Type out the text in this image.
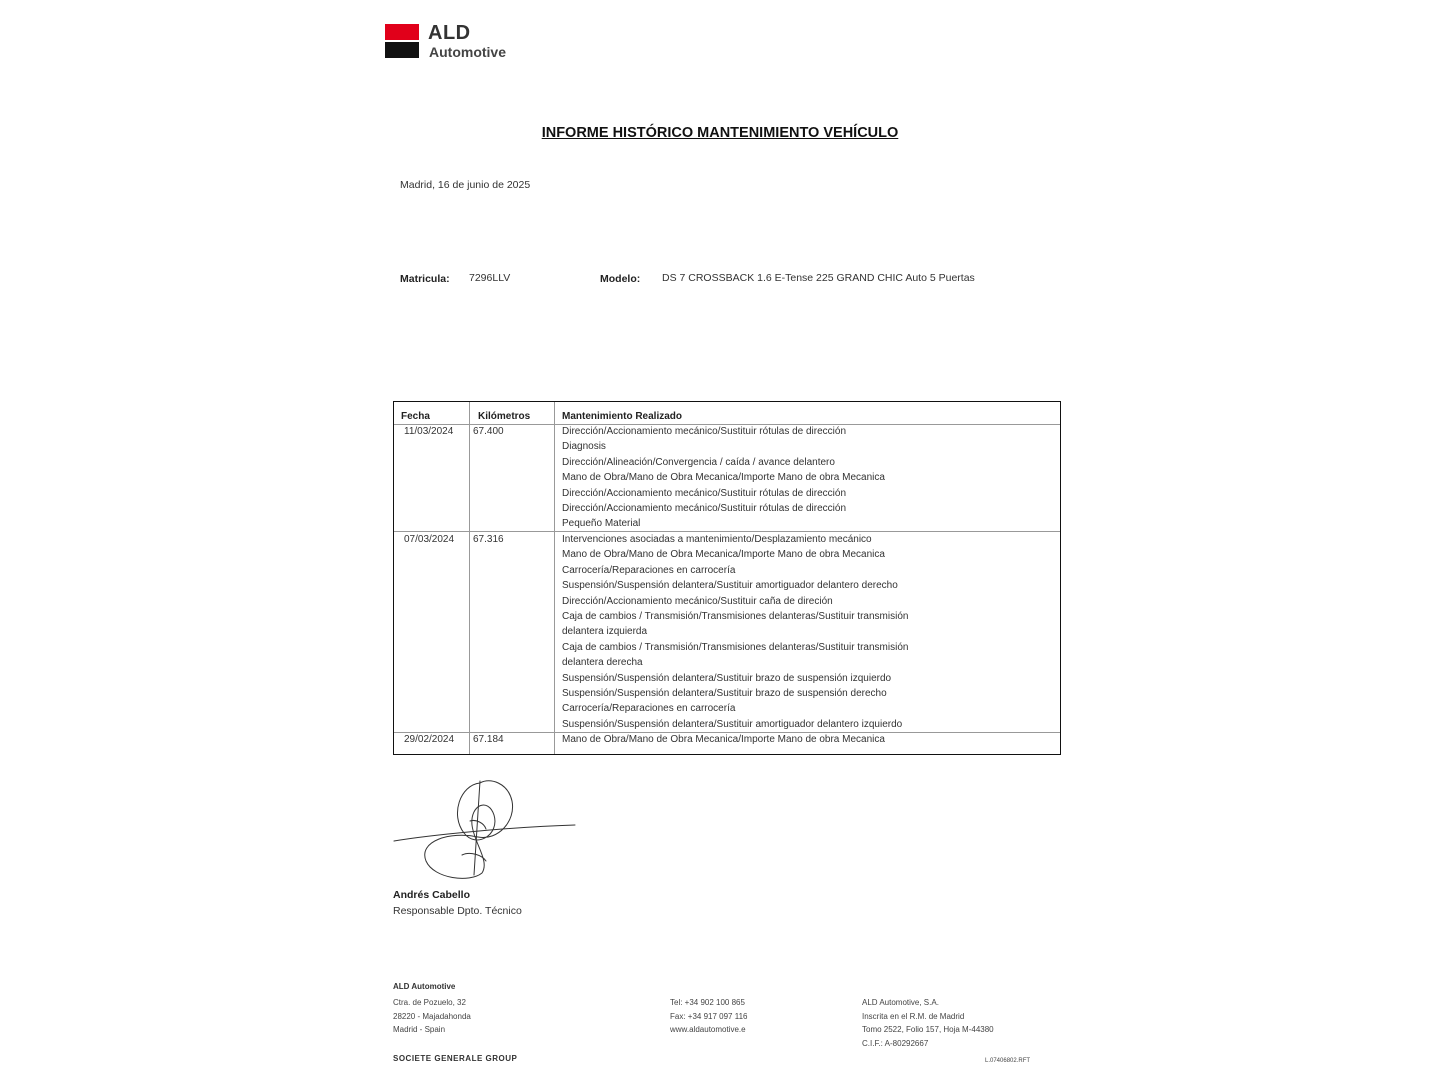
ALD
Automotive
INFORME HISTÓRICO MANTENIMIENTO VEHÍCULO
Madrid, 16 de junio de 2025
Matricula: 7296LLV	Modelo: DS 7 CROSSBACK 1.6 E-Tense 225 GRAND CHIC Auto 5 Puertas
Fecha	Kilómetros	Mantenimiento Realizado
11/03/2024 67.400	Dirección/Accionamiento mecánico/Sustituir rótulas de dirección
Diagnosis
Dirección/Alineación/Convergencia / caída / avance delantero
Mano de Obra/Mano de Obra Mecanica/Importe Mano de obra Mecanica
Dirección/Accionamiento mecánico/Sustituir rótulas de dirección
Dirección/Accionamiento mecánico/Sustituir rótulas de dirección
Pequeño Material
07/03/2024 67.316	Intervenciones asociadas a mantenimiento/Desplazamiento mecánico
Mano de Obra/Mano de Obra Mecanica/Importe Mano de obra Mecanica
Carrocería/Reparaciones en carrocería
Suspensión/Suspensión delantera/Sustituir amortiguador delantero derecho
Dirección/Accionamiento mecánico/Sustituir caña de direción
Caja de cambios / Transmisión/Transmisiones delanteras/Sustituir transmisión
delantera izquierda
Caja de cambios / Transmisión/Transmisiones delanteras/Sustituir transmisión
delantera derecha
Suspensión/Suspensión delantera/Sustituir brazo de suspensión izquierdo
Suspensión/Suspensión delantera/Sustituir brazo de suspensión derecho
Carrocería/Reparaciones en carrocería
Suspensión/Suspensión delantera/Sustituir amortiguador delantero izquierdo
29/02/2024 67.184	Mano de Obra/Mano de Obra Mecanica/Importe Mano de obra Mecanica
Andrés Cabello
Responsable Dpto. Técnico
ALD Automotive
Ctra. de Pozuelo, 32
28220 - Majadahonda
Madrid - Spain
Tel: +34 902 100 865
Fax: +34 917 097 116
www.aldautomotive.e
ALD Automotive, S.A.
Inscrita en el R.M. de Madrid
Tomo 2522, Folio 157, Hoja M-44380
C.I.F.: A-80292667
SOCIETE GENERALE GROUP	L.07406802.RFT
